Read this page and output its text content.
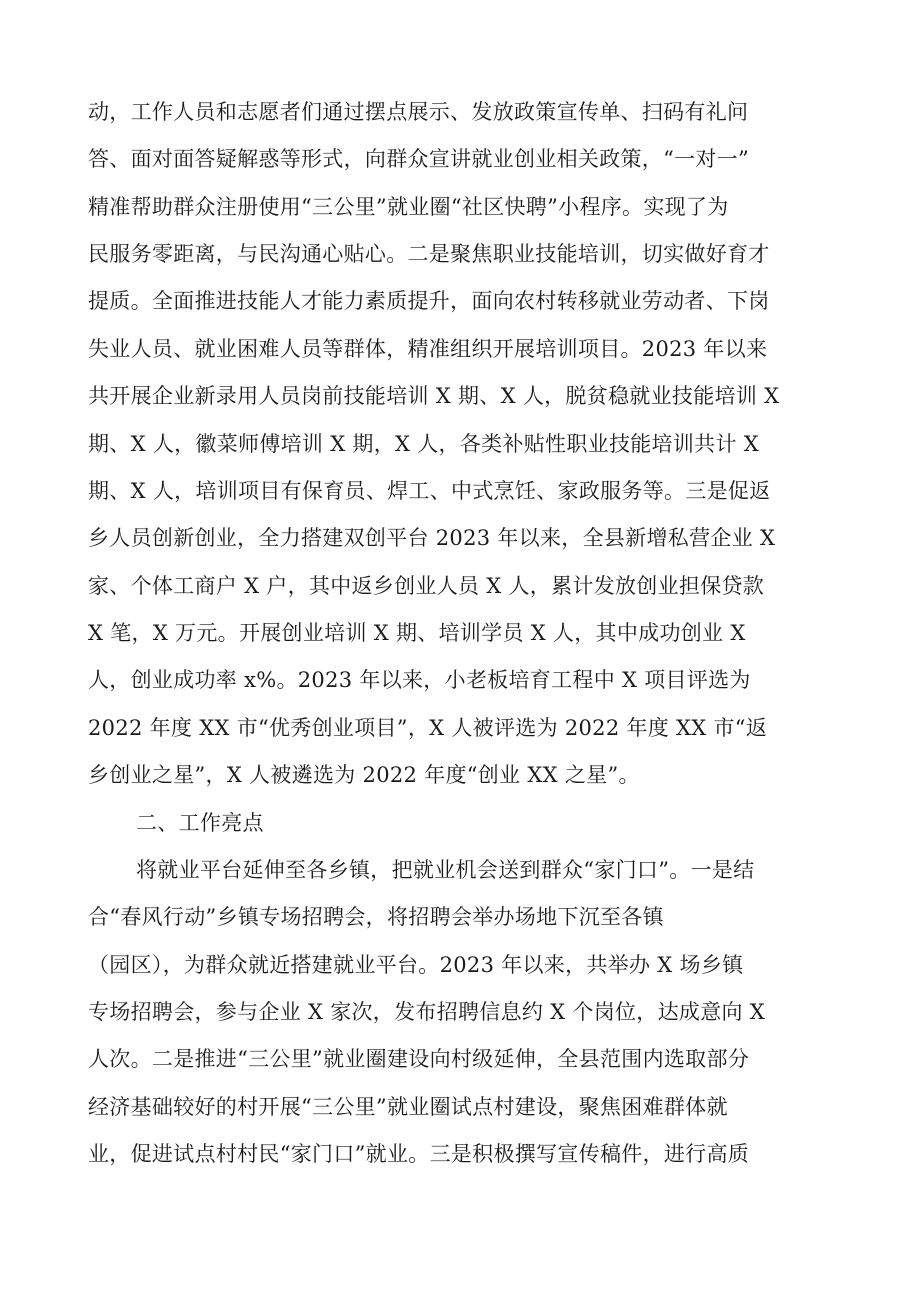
动，工作人员和志愿者们通过摆点展示、发放政策宣传单、扫码有礼问
答、面对面答疑解惑等形式，向群众宣讲就业创业相关政策，“一对一”
精准帮助群众注册使用“三公里”就业圈“社区快聘”小程序。实现了为
民服务零距离，与民沟通心贴心。二是聚焦职业技能培训，切实做好育才
提质。全面推进技能人才能力素质提升，面向农村转移就业劳动者、下岗
失业人员、就业困难人员等群体，精准组织开展培训项目。2023 年以来
共开展企业新录用人员岗前技能培训 X 期、X 人，脱贫稳就业技能培训 X
期、X 人，徽菜师傅培训 X 期，X 人，各类补贴性职业技能培训共计 X
期、X 人，培训项目有保育员、焊工、中式烹饪、家政服务等。三是促返
乡人员创新创业，全力搭建双创平台 2023 年以来，全县新增私营企业 X
家、个体工商户 X 户，其中返乡创业人员 X 人，累计发放创业担保贷款
X 笔，X 万元。开展创业培训 X 期、培训学员 X 人，其中成功创业 X
人，创业成功率 x%。2023 年以来，小老板培育工程中 X 项目评选为
2022 年度 XX 市“优秀创业项目”，X 人被评选为 2022 年度 XX 市“返
乡创业之星”，X 人被遴选为 2022 年度“创业 XX 之星”。
二、工作亮点
将就业平台延伸至各乡镇，把就业机会送到群众“家门口”。一是结
合“春风行动”乡镇专场招聘会，将招聘会举办场地下沉至各镇
（园区），为群众就近搭建就业平台。2023 年以来，共举办 X 场乡镇
专场招聘会，参与企业 X 家次，发布招聘信息约 X 个岗位，达成意向 X
人次。二是推进“三公里”就业圈建设向村级延伸，全县范围内选取部分
经济基础较好的村开展“三公里”就业圈试点村建设，聚焦困难群体就
业，促进试点村村民“家门口”就业。三是积极撰写宣传稿件，进行高质
